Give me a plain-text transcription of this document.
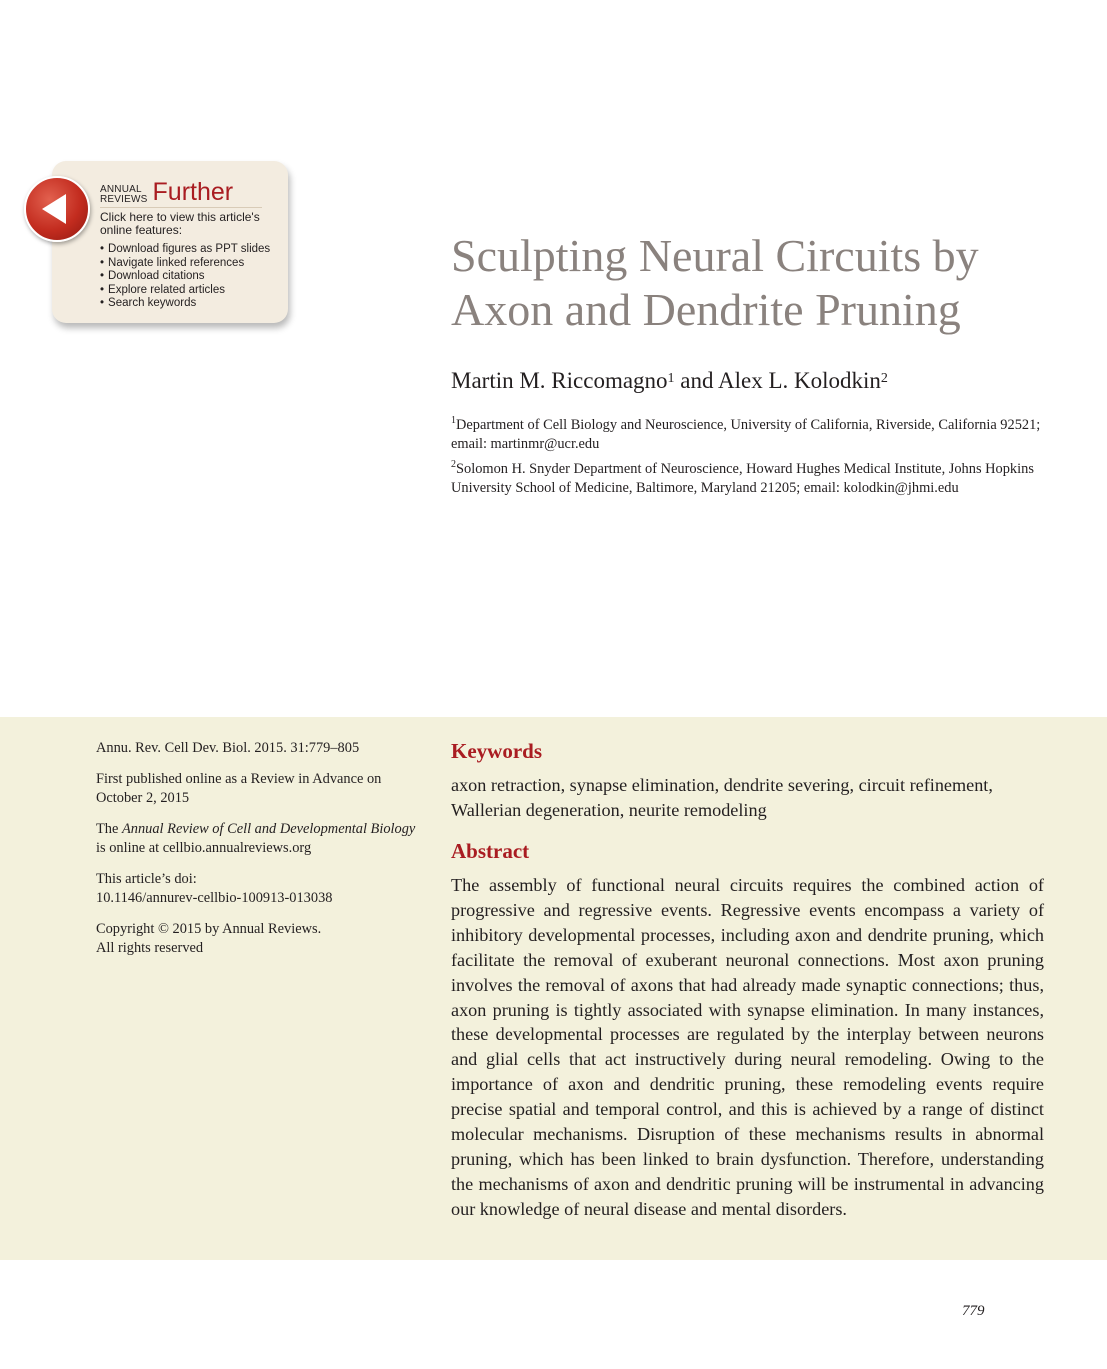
ANNUAL
REVIEWS Further
Click here to view this article's online features:
• Download figures as PPT slides
• Navigate linked references
• Download citations
• Explore related articles
• Search keywords
Sculpting Neural Circuits by Axon and Dendrite Pruning
Martin M. Riccomagno$^1$ and Alex L. Kolodkin$^2$
$^1$Department of Cell Biology and Neuroscience, University of California, Riverside, California 92521; email: martinmr@ucr.edu
$^2$Solomon H. Snyder Department of Neuroscience, Howard Hughes Medical Institute, Johns Hopkins University School of Medicine, Baltimore, Maryland 21205; email: kolodkin@jhmi.edu

Annu. Rev. Cell Dev. Biol. 2015. 31:779–805

First published online as a Review in Advance on October 2, 2015

The Annual Review of Cell and Developmental Biology is online at cellbio.annualreviews.org

This article’s doi:
10.1146/annurev-cellbio-100913-013038

Copyright © 2015 by Annual Reviews.
All rights reserved

Keywords

axon retraction, synapse elimination, dendrite severing, circuit refinement, Wallerian degeneration, neurite remodeling

Abstract

The assembly of functional neural circuits requires the combined action of progressive and regressive events. Regressive events encompass a variety of inhibitory developmental processes, including axon and dendrite pruning, which facilitate the removal of exuberant neuronal connections. Most axon pruning involves the removal of axons that had already made synaptic connections; thus, axon pruning is tightly associated with synapse elimination. In many instances, these developmental processes are regulated by the interplay between neurons and glial cells that act instructively during neural remodeling. Owing to the importance of axon and dendritic pruning, these remodeling events require precise spatial and temporal control, and this is achieved by a range of distinct molecular mechanisms. Disruption of these mechanisms results in abnormal pruning, which has been linked to brain dysfunction. Therefore, understanding the mechanisms of axon and dendritic pruning will be instrumental in advancing our knowledge of neural disease and mental disorders.

779
